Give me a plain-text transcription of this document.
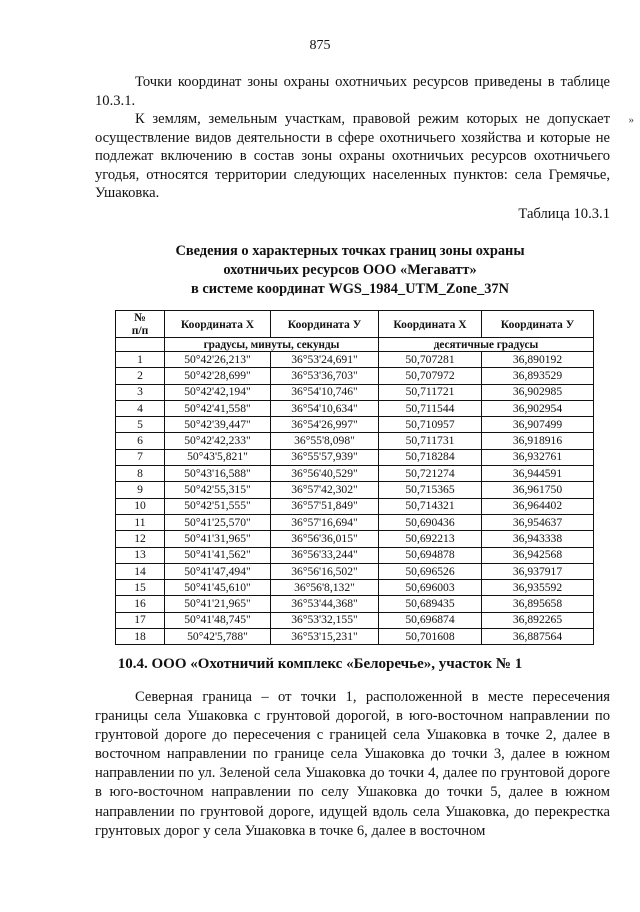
875

Точки координат зоны охраны охотничьих ресурсов приведены в таблице 10.3.1.

К землям, земельным участкам, правовой режим которых не допускает осуществление видов деятельности в сфере охотничьего хозяйства и которые не подлежат включению в состав зоны охраны охотничьих ресурсов охотничьего угодья, относятся территории следующих населенных пунктов: села Гремячье, Ушаковка.

»
Таблица 10.3.1
Сведения о характерных точках границ зоны охраны
охотничьих ресурсов ООО «Мегаватт»
в системе координат WGS_1984_UTM_Zone_37N
№
п/п	Координата Х	Координата У	Координата Х	Координата У
	градусы, минуты, секунды		десятичные градусы	
1	50°42'26,213"	36°53'24,691"	50,707281	36,890192
2	50°42'28,699"	36°53'36,703"	50,707972	36,893529
3	50°42'42,194"	36°54'10,746"	50,711721	36,902985
4	50°42'41,558"	36°54'10,634"	50,711544	36,902954
5	50°42'39,447"	36°54'26,997"	50,710957	36,907499
6	50°42'42,233"	36°55'8,098"	50,711731	36,918916
7	50°43'5,821"	36°55'57,939"	50,718284	36,932761
8	50°43'16,588"	36°56'40,529"	50,721274	36,944591
9	50°42'55,315"	36°57'42,302"	50,715365	36,961750
10	50°42'51,555"	36°57'51,849"	50,714321	36,964402
11	50°41'25,570"	36°57'16,694"	50,690436	36,954637
12	50°41'31,965"	36°56'36,015"	50,692213	36,943338
13	50°41'41,562"	36°56'33,244"	50,694878	36,942568
14	50°41'47,494"	36°56'16,502"	50,696526	36,937917
15	50°41'45,610"	36°56'8,132"	50,696003	36,935592
16	50°41'21,965"	36°53'44,368"	50,689435	36,895658
17	50°41'48,745"	36°53'32,155"	50,696874	36,892265
18	50°42'5,788"	36°53'15,231"	50,701608	36,887564
10.4. ООО «Охотничий комплекс «Белоречье», участок № 1

Северная граница – от точки 1, расположенной в месте пересечения границы села Ушаковка с грунтовой дорогой, в юго-восточном направлении по грунтовой дороге до пересечения с границей села Ушаковка в точке 2, далее в восточном направлении по границе села Ушаковка до точки 3, далее в южном направлении по ул. Зеленой села Ушаковка до точки 4, далее по грунтовой дороге в юго-восточном направлении по селу Ушаковка до точки 5, далее в южном направлении по грунтовой дороге, идущей вдоль села Ушаковка, до перекрестка грунтовых дорог у села Ушаковка в точке 6, далее в восточном
